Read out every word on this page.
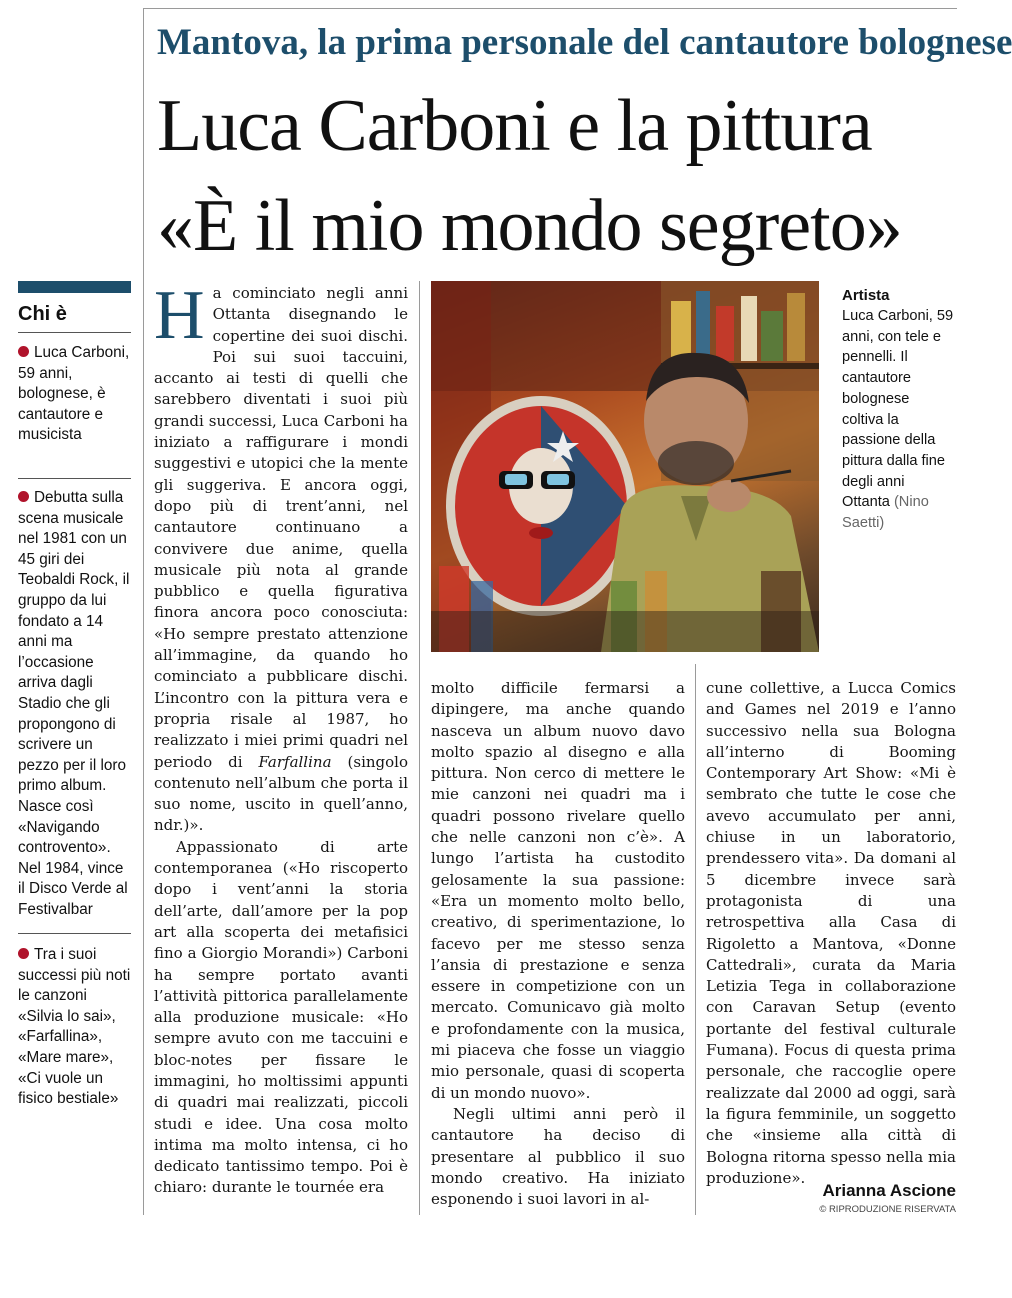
Mantova, la prima personale del cantautore bolognese
Luca Carboni e la pittura
«È il mio mondo segreto»
Chi è
Luca Carboni, 59 anni, bolognese, è cantautore e musicista
Debutta sulla scena musicale nel 1981 con un 45 giri dei Teobaldi Rock, il gruppo da lui fondato a 14 anni ma l’occasione arriva dagli Stadio che gli propongono di scrivere un pezzo per il loro primo album. Nasce così «Navigando controvento». Nel 1984, vince il Disco Verde al Festivalbar
Tra i suoi successi più noti le canzoni «Silvia lo sai», «Farfallina», «Mare mare», «Ci vuole un fisico bestiale»

Ha cominciato negli anni Ottanta disegnando le copertine dei suoi dischi. Poi sui suoi taccuini, accanto ai testi di quelli che sarebbero diventati i suoi più grandi successi, Luca Carboni ha iniziato a raffigurare i mondi suggestivi e utopici che la mente gli suggeriva. E ancora oggi, dopo più di trent’anni, nel cantautore continuano a convivere due anime, quella musicale più nota al grande pubblico e quella figurativa finora ancora poco conosciuta: «Ho sempre prestato attenzione all’immagine, da quando ho cominciato a pubblicare dischi. L’incontro con la pittura vera e propria risale al 1987, ho realizzato i miei primi quadri nel periodo di Farfallina (singolo contenuto nell’album che porta il suo nome, uscito in quell’anno, ndr.)».

Appassionato di arte contemporanea («Ho riscoperto dopo i vent’anni la storia dell’arte, dall’amore per la pop art alla scoperta dei metafisici fino a Giorgio Morandi») Carboni ha sempre portato avanti l’attività pittorica parallelamente alla produzione musicale: «Ho sempre avuto con me taccuini e bloc-notes per fissare le immagini, ho moltissimi appunti di quadri mai realizzati, piccoli studi e idee. Una cosa molto intima ma molto intensa, ci ho dedicato tantissimo tempo. Poi è chiaro: durante le tournée era

Artista
Luca Carboni, 59 anni, con tele e pennelli. Il cantautore bolognese coltiva la passione della pittura dalla fine degli anni Ottanta (Nino Saetti)

molto difficile fermarsi a dipingere, ma anche quando nasceva un album nuovo davo molto spazio al disegno e alla pittura. Non cerco di mettere le mie canzoni nei quadri ma i quadri possono rivelare quello che nelle canzoni non c’è». A lungo l’artista ha custodito gelosamente la sua passione: «Era un momento molto bello, creativo, di sperimentazione, lo facevo per me stesso senza l’ansia di prestazione e senza essere in competizione con un mercato. Comunicavo già molto e profondamente con la musica, mi piaceva che fosse un viaggio mio personale, quasi di scoperta di un mondo nuovo».

Negli ultimi anni però il cantautore ha deciso di presentare al pubblico il suo mondo creativo. Ha iniziato esponendo i suoi lavori in al-

cune collettive, a Lucca Comics and Games nel 2019 e l’anno successivo nella sua Bologna all’interno di Booming Contemporary Art Show: «Mi è sembrato che tutte le cose che avevo accumulato per anni, chiuse in un laboratorio, prendessero vita». Da domani al 5 dicembre invece sarà protagonista di una retrospettiva alla Casa di Rigoletto a Mantova, «Donne Cattedrali», curata da Maria Letizia Tega in collaborazione con Caravan Setup (evento portante del festival culturale Fumana). Focus di questa prima personale, che raccoglie opere realizzate dal 2000 ad oggi, sarà la figura femminile, un soggetto che «insieme alla città di Bologna ritorna spesso nella mia produzione».

Arianna Ascione
© RIPRODUZIONE RISERVATA
